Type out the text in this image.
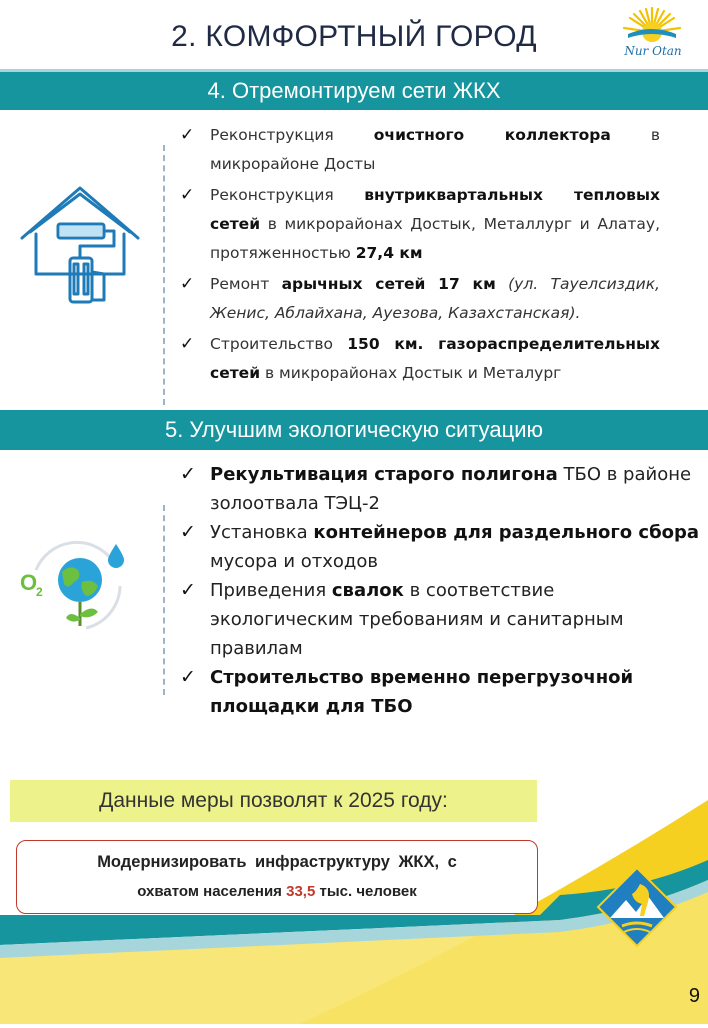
2. КОМФОРТНЫЙ ГОРОД	Nur Otan
4. Отремонтируем сети ЖКХ
✓ Реконструкция очистного коллектора в микрорайоне Досты
✓ Реконструкция внутриквартальных тепловых сетей в микрорайонах Достык, Металлург и Алатау, протяженностью 27,4 км
✓ Ремонт арычных сетей 17 км (ул. Тауелсиздик, Женис, Аблайхана, Ауезова, Казахстанская).
✓ Строительство 150 км. газораспределительных сетей в микрорайонах Достык и Металург
5. Улучшим экологическую ситуацию
O
2
✓ Рекультивация старого полигона ТБО в районе золоотвала ТЭЦ-2
✓ Установка контейнеров для раздельного сбора мусора и отходов
✓ Приведения свалок в соответствие экологическим требованиям и санитарным правилам
✓ Строительство временно перегрузочной площадки для ТБО
Данные меры позволят к 2025 году:
Модернизировать инфраструктуру ЖКХ, с
охватом населения 33,5 тыс. человек
9
